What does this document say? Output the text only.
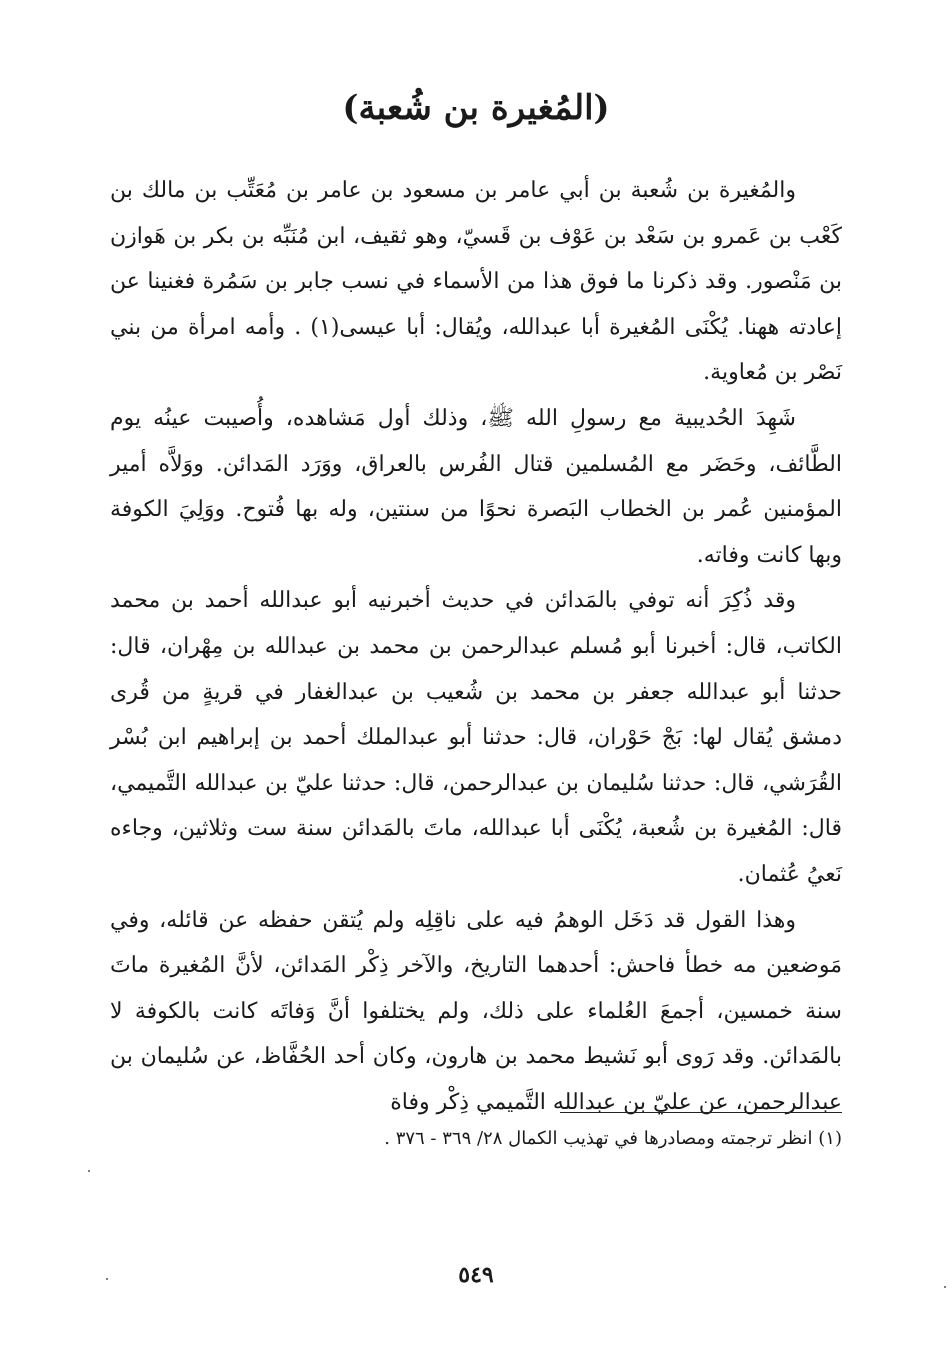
(المُغيرة بن شُعبة)

والمُغيرة بن شُعبة بن أبي عامر بن مسعود بن عامر بن مُعَتِّب بن مالك بن كَعْب بن عَمرو بن سَعْد بن عَوْف بن قَسيّ، وهو ثقيف، ابن مُنَبِّه بن بكر بن هَوازن بن مَنْصور. وقد ذكرنا ما فوق هذا من الأسماء في نسب جابر بن سَمُرة فغنينا عن إعادته ههنا. يُكْنَى المُغيرة أبا عبدالله، ويُقال: أبا عيسى(١) . وأمه امرأة من بني نَصْر بن مُعاوية.

شَهِدَ الحُديبية مع رسولِ الله ﷺ، وذلك أول مَشاهده، وأُصيبت عينُه يوم الطَّائف، وحَضَر مع المُسلمين قتال الفُرس بالعراق، ووَرَد المَدائن. ووَلاَّه أمير المؤمنين عُمر بن الخطاب البَصرة نحوًا من سنتين، وله بها فُتوح. ووَلِيَ الكوفة وبها كانت وفاته.

وقد ذُكِرَ أنه توفي بالمَدائن في حديث أخبرنيه أبو عبدالله أحمد بن محمد الكاتب، قال: أخبرنا أبو مُسلم عبدالرحمن بن محمد بن عبدالله بن مِهْران، قال: حدثنا أبو عبدالله جعفر بن محمد بن شُعيب بن عبدالغفار في قريةٍ من قُرى دمشق يُقال لها: بَجْ حَوْران، قال: حدثنا أبو عبدالملك أحمد بن إبراهيم ابن بُسْر القُرَشي، قال: حدثنا سُليمان بن عبدالرحمن، قال: حدثنا عليّ بن عبدالله التَّميمي، قال: المُغيرة بن شُعبة، يُكْنَى أبا عبدالله، ماتَ بالمَدائن سنة ست وثلاثين، وجاءه نَعيُ عُثمان.

وهذا القول قد دَخَل الوهمُ فيه على ناقِلِه ولم يُتقن حفظه عن قائله، وفي مَوضعين مه خطأ فاحش: أحدهما التاريخ، والآخر ذِكْر المَدائن، لأنَّ المُغيرة ماتَ سنة خمسين، أجمعَ العُلماء على ذلك، ولم يختلفوا أنَّ وَفاتَه كانت بالكوفة لا بالمَدائن. وقد رَوى أبو نَشيط محمد بن هارون، وكان أحد الحُفَّاظ، عن سُليمان بن عبدالرحمن، عن عليّ بن عبدالله التَّميمي ذِكْر وفاة

(١) انظر ترجمته ومصادرها في تهذيب الكمال ٢٨/ ٣٦٩ - ٣٧٦ .
٥٤٩
